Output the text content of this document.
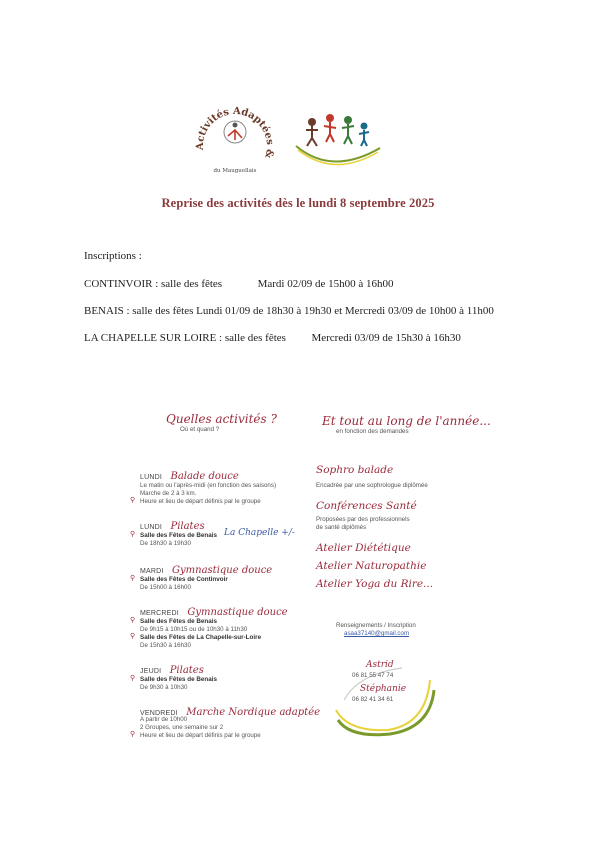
Activités Adaptées &
du Mauguellais
Reprise des activités dès le lundi 8 septembre 2025
Inscriptions :
CONTINVOIR : salle des fêtes	Mardi 02/09 de 15h00 à 16h00
BENAIS : salle des fêtes Lundi 01/09 de 18h30 à 19h30 et Mercredi 03/09 de 10h00 à 11h00
LA CHAPELLE SUR LOIRE : salle des fêtes Mercredi 03/09 de 15h30 à 16h30
Quelles activités ?
Où et quand ?
LUNDI Balade douce
Le matin ou l'après-midi (en fonction des saisons)
Marche de 2 à 3 km.
⚲ Heure et lieu de départ définis par le groupe
LUNDI Pilates
⚲ Salle des Fêtes de Benais La Chapelle +/-
De 18h30 à 19h30
MARDI Gymnastique douce
⚲ Salle des Fêtes de Continvoir
De 15h00 à 16h00
MERCREDI Gymnastique douce
⚲ Salle des Fêtes de Benais
De 9h15 à 10h15 ou de 10h30 à 11h30
⚲ Salle des Fêtes de La Chapelle-sur-Loire
De 15h30 à 16h30
JEUDI Pilates
⚲ Salle des Fêtes de Benais
De 9h30 à 10h30
VENDREDI Marche Nordique adaptée
A partir de 10h00
2 Groupes, une semaine sur 2
⚲ Heure et lieu de départ définis par le groupe
Et tout au long de l'année...
en fonction des demandes
Sophro balade
Encadrée par une sophrologue diplômée
Conférences Santé
Proposées par des professionnels
de santé diplômés
Atelier Diététique
Atelier Naturopathie
Atelier Yoga du Rire...
Renseignements / Inscription
asaa37140@gmail.com
Astrid
06 81 55 47 74
Stéphanie
06 82 41 34 61
